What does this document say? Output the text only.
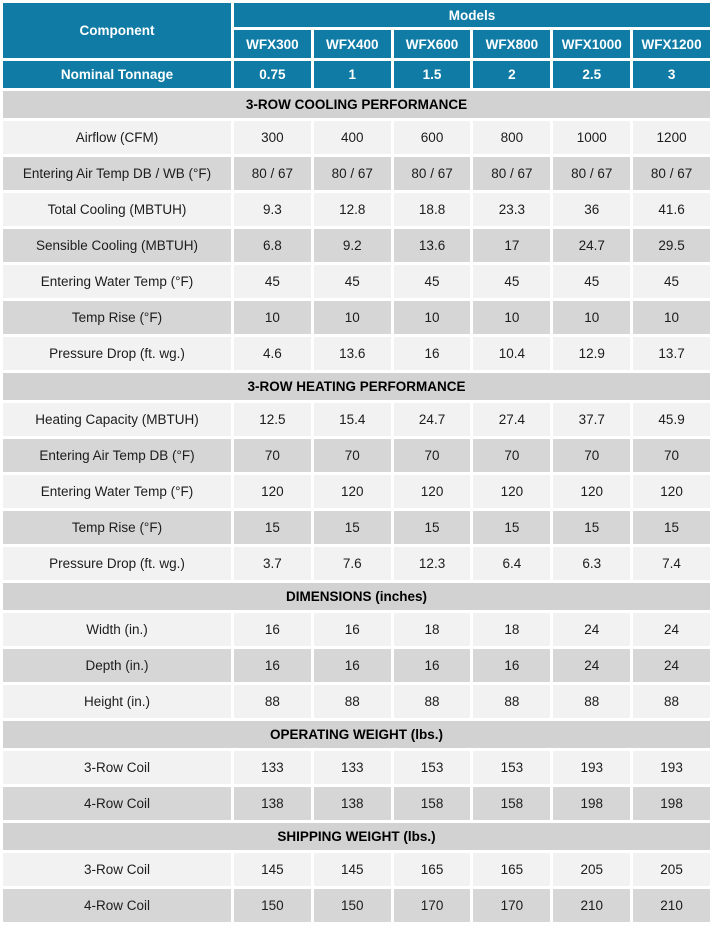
Component	Models					
	WFX300	WFX400	WFX600	WFX800	WFX1000	WFX1200
Nominal Tonnage	0.75	1	1.5	2	2.5	3
3-ROW COOLING PERFORMANCE						
Airflow (CFM)	300	400	600	800	1000	1200
Entering Air Temp DB / WB (°F)	80 / 67	80 / 67	80 / 67	80 / 67	80 / 67	80 / 67
Total Cooling (MBTUH)	9.3	12.8	18.8	23.3	36	41.6
Sensible Cooling (MBTUH)	6.8	9.2	13.6	17	24.7	29.5
Entering Water Temp (°F)	45	45	45	45	45	45
Temp Rise (°F)	10	10	10	10	10	10
Pressure Drop (ft. wg.)	4.6	13.6	16	10.4	12.9	13.7
3-ROW HEATING PERFORMANCE						
Heating Capacity (MBTUH)	12.5	15.4	24.7	27.4	37.7	45.9
Entering Air Temp DB (°F)	70	70	70	70	70	70
Entering Water Temp (°F)	120	120	120	120	120	120
Temp Rise (°F)	15	15	15	15	15	15
Pressure Drop (ft. wg.)	3.7	7.6	12.3	6.4	6.3	7.4
DIMENSIONS (inches)						
Width (in.)	16	16	18	18	24	24
Depth (in.)	16	16	16	16	24	24
Height (in.)	88	88	88	88	88	88
OPERATING WEIGHT (lbs.)						
3-Row Coil	133	133	153	153	193	193
4-Row Coil	138	138	158	158	198	198
SHIPPING WEIGHT (lbs.)						
3-Row Coil	145	145	165	165	205	205
4-Row Coil	150	150	170	170	210	210
